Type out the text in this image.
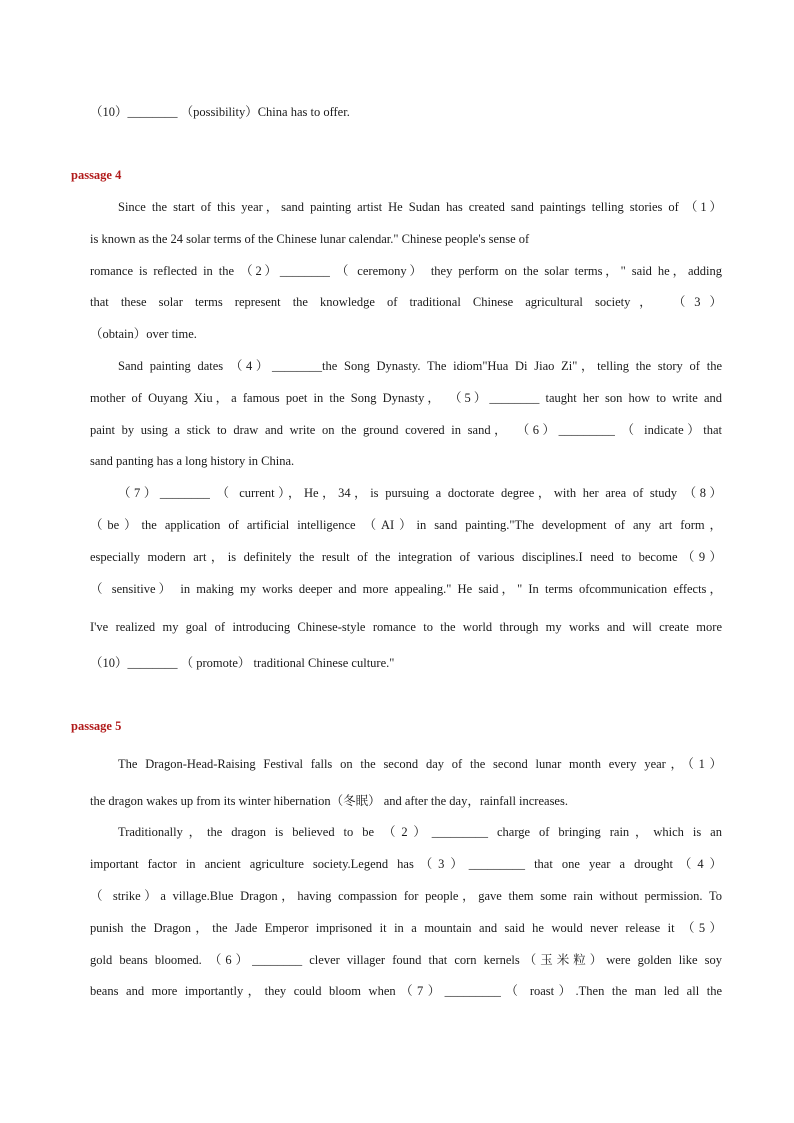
（10）________ （possibility）China has to offer.
passage 4
Since the start of this year，sand painting artist He Sudan has created sand paintings telling stories of （1）
is known as the 24 solar terms of the Chinese lunar calendar." Chinese people's sense of
romance is reflected in the （2）________ （ ceremony） they perform on the solar terms，" said he，adding
that these solar terms represent the knowledge of traditional Chinese agricultural society， （3）
（obtain）over time.
Sand painting dates （4）________the Song Dynasty. The idiom"Hua Di Jiao Zi"，telling the story of the
mother of Ouyang Xiu，a famous poet in the Song Dynasty， （5）________ taught her son how to write and
paint by using a stick to draw and write on the ground covered in sand， （6）_________ （ indicate）that
sand panting has a long history in China.
（7）________ （ current），He，34，is pursuing a doctorate degree，with her area of study （8）
（be）the application of artificial intelligence （AI）in sand painting."The development of any art form，
especially modern art，is definitely the result of the integration of various disciplines.I need to become（9）
（ sensitive） in making my works deeper and more appealing." He said，" In terms ofcommunication effects，
I've realized my goal of introducing Chinese-style romance to the world through my works and will create more
（10）________ （ promote） traditional Chinese culture."
passage 5
The Dragon-Head-Raising Festival falls on the second day of the second lunar month every year，（1）
the dragon wakes up from its winter hibernation（冬眠） and after the day，rainfall increases.
Traditionally，the dragon is believed to be （2）_________ charge of bringing rain，which is an
important factor in ancient agriculture society.Legend has（3）_________ that one year a drought（4）
（ strike）a village.Blue Dragon，having compassion for people，gave them some rain without permission. To
punish the Dragon，the Jade Emperor imprisoned it in a mountain and said he would never release it （5）
gold beans bloomed. （6）________ clever villager found that corn kernels（玉米粒）were golden like soy
beans and more importantly，they could bloom when（7）_________（ roast）.Then the man led all the
